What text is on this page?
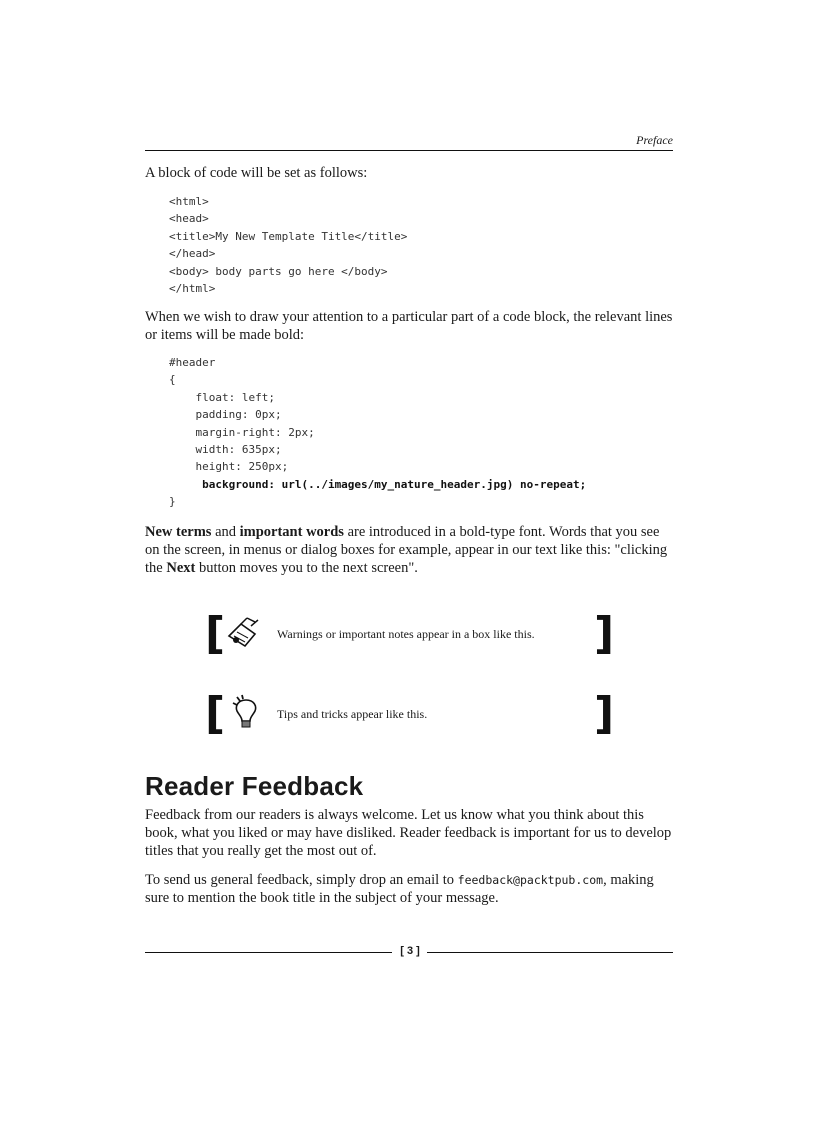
Preface
A block of code will be set as follows:
<html>
<head>
<title>My New Template Title</title>
</head>
<body> body parts go here </body>
</html>
When we wish to draw your attention to a particular part of a code block, the relevant lines or items will be made bold:
#header
{
float: left;
padding: 0px;
margin-right: 2px;
width: 635px;
height: 250px;
background: url(../images/my_nature_header.jpg) no-repeat;
}
New terms and important words are introduced in a bold-type font. Words that you see on the screen, in menus or dialog boxes for example, appear in our text like this: "clicking the Next button moves you to the next screen".
[	Warnings or important notes appear in a box like this. ]
[	Tips and tricks appear like this.	]
Reader Feedback
Feedback from our readers is always welcome. Let us know what you think about this book, what you liked or may have disliked. Reader feedback is important for us to develop titles that you really get the most out of.
To send us general feedback, simply drop an email to feedback@packtpub.com, making sure to mention the book title in the subject of your message.
[ 3 ]
